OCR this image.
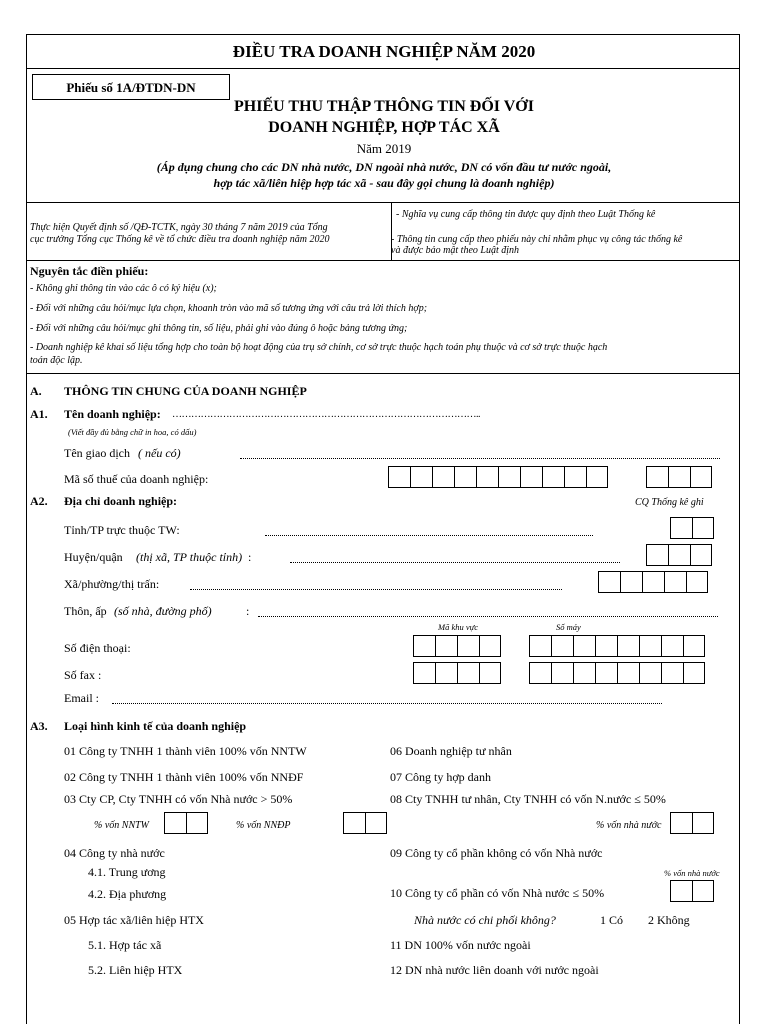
ĐIỀU TRA DOANH NGHIỆP NĂM 2020
Phiếu số 1A/ĐTDN-DN
PHIẾU THU THẬP THÔNG TIN ĐỐI VỚI
DOANH NGHIỆP, HỢP TÁC XÃ
Năm 2019
(Áp dụng chung cho các DN nhà nước, DN ngoài nhà nước, DN có vốn đầu tư nước ngoài,
hợp tác xã/liên hiệp hợp tác xã - sau đây gọi chung là doanh nghiệp)
Thực hiện Quyết định số /QĐ-TCTK, ngày 30 tháng 7 năm 2019 của Tổng
cục trưởng Tổng cục Thống kê về tổ chức điều tra doanh nghiệp năm 2020
- Nghĩa vụ cung cấp thông tin được quy định theo Luật Thống kê
- Thông tin cung cấp theo phiếu này chỉ nhằm phục vụ công tác thống kê
và được bảo mật theo Luật định
Nguyên tắc điền phiếu:
- Không ghi thông tin vào các ô có ký hiệu (x);
- Đối với những câu hỏi/mục lựa chọn, khoanh tròn vào mã số tương ứng với câu trả lời thích hợp;
- Đối với những câu hỏi/mục ghi thông tin, số liệu, phải ghi vào đúng ô hoặc bảng tương ứng;
- Doanh nghiệp kê khai số liệu tổng hợp cho toàn bộ hoạt động của trụ sở chính, cơ sở trực thuộc hạch toán phụ thuộc và cơ sở trực thuộc hạch
toán độc lập.
A. THÔNG TIN CHUNG CỦA DOANH NGHIỆP
A1. Tên doanh nghiệp: ……………………………………………………………………………………..
(Viết đầy đủ bằng chữ in hoa, có dấu)
Tên giao dịch ( nếu có)
Mã số thuế của doanh nghiệp:
A2. Địa chỉ doanh nghiệp:	CQ Thống kê ghi
Tỉnh/TP trực thuộc TW:
Huyện/quận (thị xã, TP thuộc tỉnh) :
Xã/phường/thị trấn:
Thôn, ấp (số nhà, đường phố)	:
Mã khu vực	Số máy
Số điện thoại:
Số fax :
Email :
A3. Loại hình kinh tế của doanh nghiệp
01 Công ty TNHH 1 thành viên 100% vốn NNTW
02 Công ty TNHH 1 thành viên 100% vốn NNĐF
03 Cty CP, Cty TNHH có vốn Nhà nước > 50%
% vốn NNTW	% vốn NNĐP
04 Công ty nhà nước
4.1. Trung ương
4.2. Địa phương
05 Hợp tác xã/liên hiệp HTX
5.1. Hợp tác xã
5.2. Liên hiệp HTX
06 Doanh nghiệp tư nhân
07 Công ty hợp danh
08 Cty TNHH tư nhân, Cty TNHH có vốn N.nước ≤ 50%
% vốn nhà nước
09 Công ty cổ phần không có vốn Nhà nước
% vốn nhà nước
10 Công ty cổ phần có vốn Nhà nước ≤ 50%
Nhà nước có chi phối không?	1 Có 2 Không
11 DN 100% vốn nước ngoài
12 DN nhà nước liên doanh với nước ngoài
